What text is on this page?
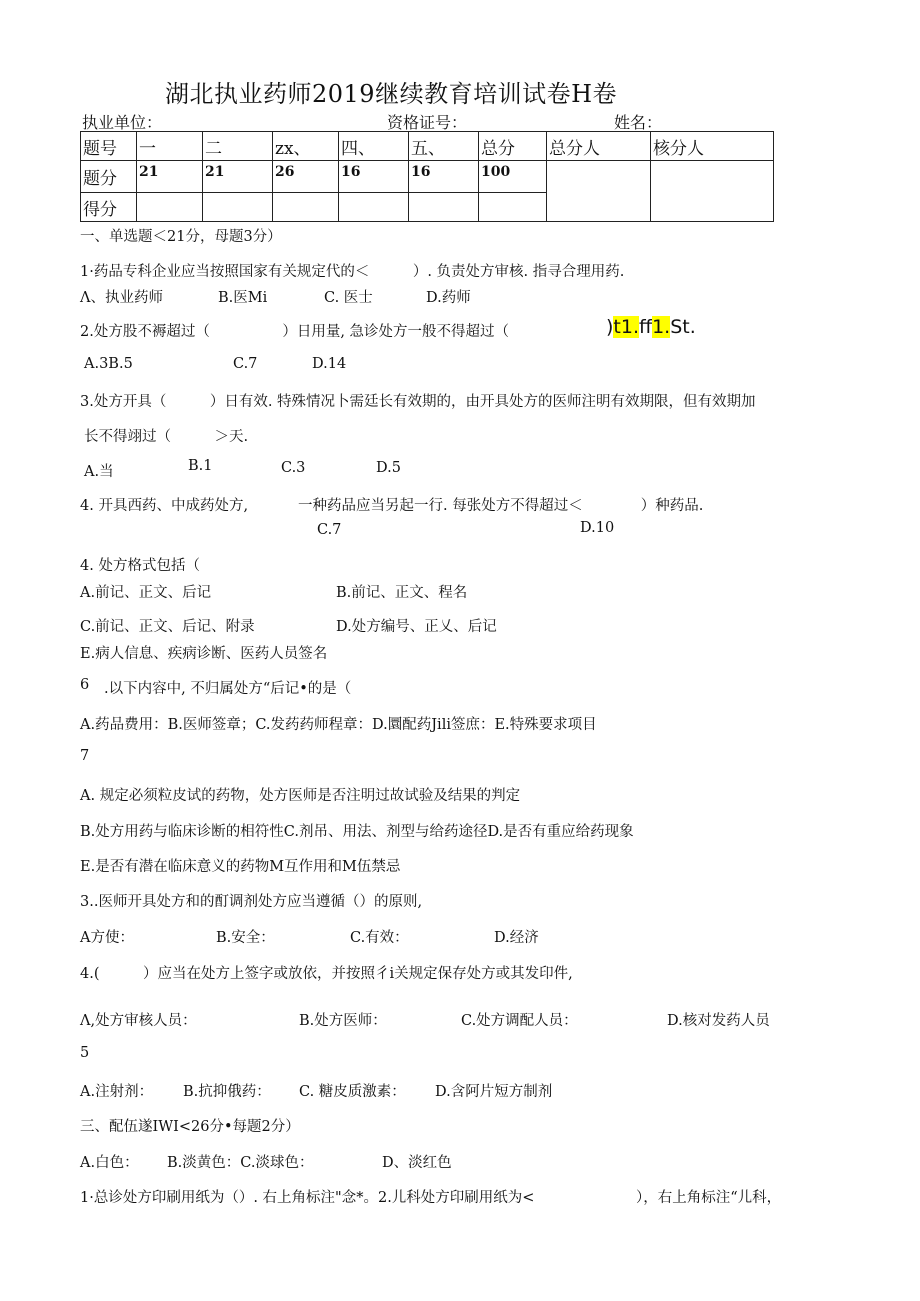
湖北执业药师2019继续教育培训试卷H卷
执业单位：	资格证号：	姓名：
题号	一	二	zx、	四、	五、	总分	总分人	核分人
题分	21	21	26	16	16	100		
得分								
一、单选题＜21分，母题3分）
1·药品专科企业应当按照国家有关规定代的＜　　　）. 负责处方审核. 指寻合理用药.
Λ、执业药师	B.医Mi	C. 医士	D.药师
2.处方股不褥超过（　　　　　）日用量, 急诊处方一般不得超过（	)t1.ff1.St.
A.3B.5	C.7	D.14
3.处方开具（　　　）日有效. 特殊情况卜需廷长有效期的，由开具处方的医师注明有效期限，但有效期加
长不得翊过（　　　＞天.
A.当	B.1	C.3	D.5
4. 开具西药、中成药处方,	一种药品应当另起一行. 每张处方不得超过＜　　　　）种药品.
C.7	D.10
4. 处方格式包括（
A.前记、正文、后记	B.前记、正文、程名
C.前记、正文、后记、附录	D.处方编号、正乂、后记
E.病人信息、疾病诊断、医药人员签名
6 .以下内容中, 不归属处方“后记•的是（
A.药品费用：B.医师签章；C.发药药师程章：D.圜配药Jili签庶：E.特殊要求项目
7
A. 规定必须粒皮试的药物，处方医师是否注明过故试验及结果的判定
B.处方用药与临床诊断的相符性C.剂吊、用法、剂型与给药途径D.是否有重应给药现象
E.是否有潜在临床意义的药物M互作用和M伍禁忌
3..医师开具处方和的酊调剂处方应当遵循（）的原则,
A方使：	B.安全：	C.有效：	D.经济
4.(　　　）应当在处方上签字或放依，并按照彳i关规定保存处方或其发印件,
Λ,处方审核人员：	B.处方医师：	C.处方调配人员：	D.核对发药人员
5
A.注射剂： B.抗抑俄药： C. 糖皮质激素： D.含阿片短方制剂
三、配伍遂IWI<26分•每题2分）
A.白色： B.淡黄色：C.淡球色：	D、淡红色
1·总诊处方印刷用纸为（）. 右上角标注"念*。2.儿科处方印刷用纸为<　　　　　　　），右上角标注“儿科，
